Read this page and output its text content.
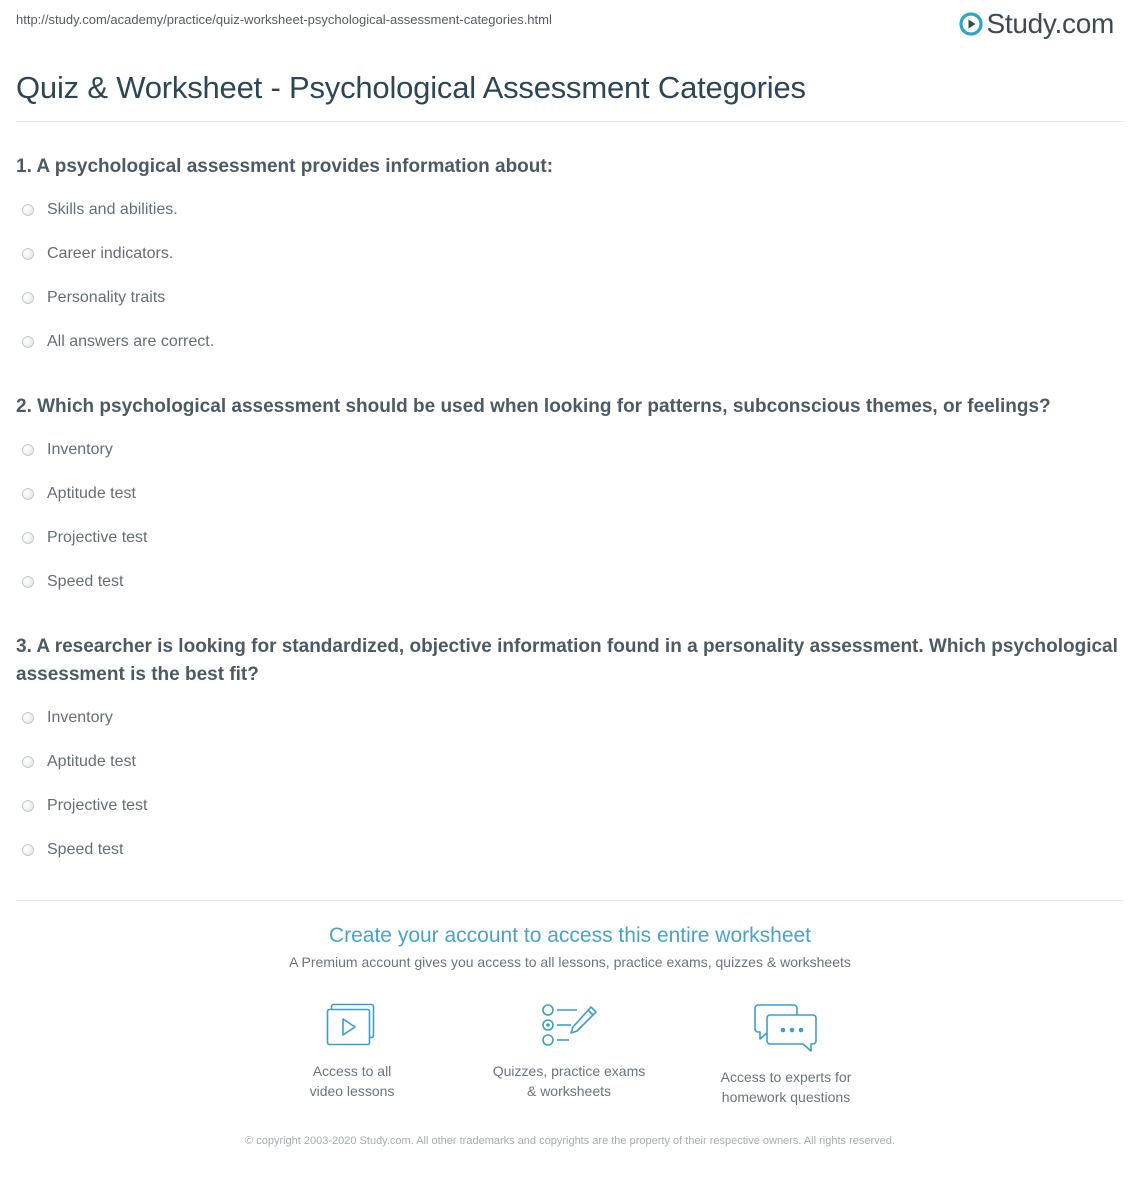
http://study.com/academy/practice/quiz-worksheet-psychological-assessment-categories.html	Study.com
Quiz & Worksheet - Psychological Assessment Categories
1. A psychological assessment provides information about:
Skills and abilities.
Career indicators.
Personality traits
All answers are correct.
2. Which psychological assessment should be used when looking for patterns, subconscious themes, or feelings?
Inventory
Aptitude test
Projective test
Speed test
3. A researcher is looking for standardized, objective information found in a personality assessment. Which psychological assessment is the best fit?
Inventory
Aptitude test
Projective test
Speed test
Create your account to access this entire worksheet
A Premium account gives you access to all lessons, practice exams, quizzes & worksheets
Access to all
video lessons
Quizzes, practice exams
& worksheets
Access to experts for
homework questions
© copyright 2003-2020 Study.com. All other trademarks and copyrights are the property of their respective owners. All rights reserved.
